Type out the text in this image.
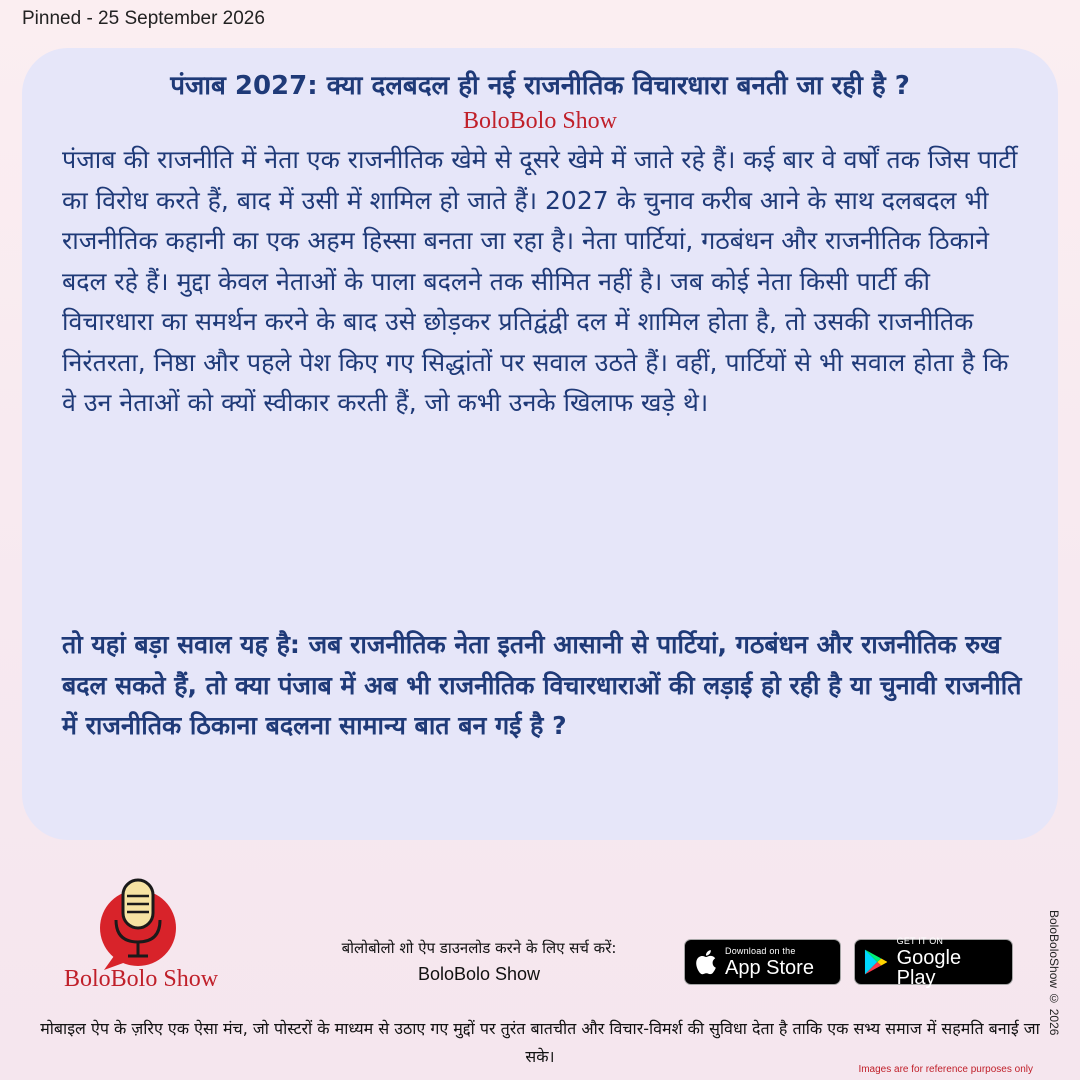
Pinned - 25 September 2026
पंजाब 2027: क्या दलबदल ही नई राजनीतिक विचारधारा बनती जा रही है ?
BoloBolo Show

पंजाब की राजनीति में नेता एक राजनीतिक खेमे से दूसरे खेमे में जाते रहे हैं। कई बार वे वर्षों तक जिस पार्टी का विरोध करते हैं, बाद में उसी में शामिल हो जाते हैं। 2027 के चुनाव करीब आने के साथ दलबदल भी राजनीतिक कहानी का एक अहम हिस्सा बनता जा रहा है। नेता पार्टियां, गठबंधन और राजनीतिक ठिकाने बदल रहे हैं। मुद्दा केवल नेताओं के पाला बदलने तक सीमित नहीं है। जब कोई नेता किसी पार्टी की विचारधारा का समर्थन करने के बाद उसे छोड़कर प्रतिद्वंद्वी दल में शामिल होता है, तो उसकी राजनीतिक निरंतरता, निष्ठा और पहले पेश किए गए सिद्धांतों पर सवाल उठते हैं। वहीं, पार्टियों से भी सवाल होता है कि वे उन नेताओं को क्यों स्वीकार करती हैं, जो कभी उनके खिलाफ खड़े थे।

तो यहां बड़ा सवाल यह है: जब राजनीतिक नेता इतनी आसानी से पार्टियां, गठबंधन और राजनीतिक रुख बदल सकते हैं, तो क्या पंजाब में अब भी राजनीतिक विचारधाराओं की लड़ाई हो रही है या चुनावी राजनीति में राजनीतिक ठिकाना बदलना सामान्य बात बन गई है ?

BoloBolo Show
बोलोबोलो शो ऐप डाउनलोड करने के लिए सर्च करें:
BoloBolo Show
Download on the
App Store
GET IT ON
Google Play

मोबाइल ऐप के ज़रिए एक ऐसा मंच, जो पोस्टरों के माध्यम से उठाए गए मुद्दों पर तुरंत बातचीत और विचार-विमर्श की सुविधा देता है ताकि एक सभ्य समाज में सहमति बनाई जा सके।

BoloBoloShow © 2026
Images are for reference purposes only
